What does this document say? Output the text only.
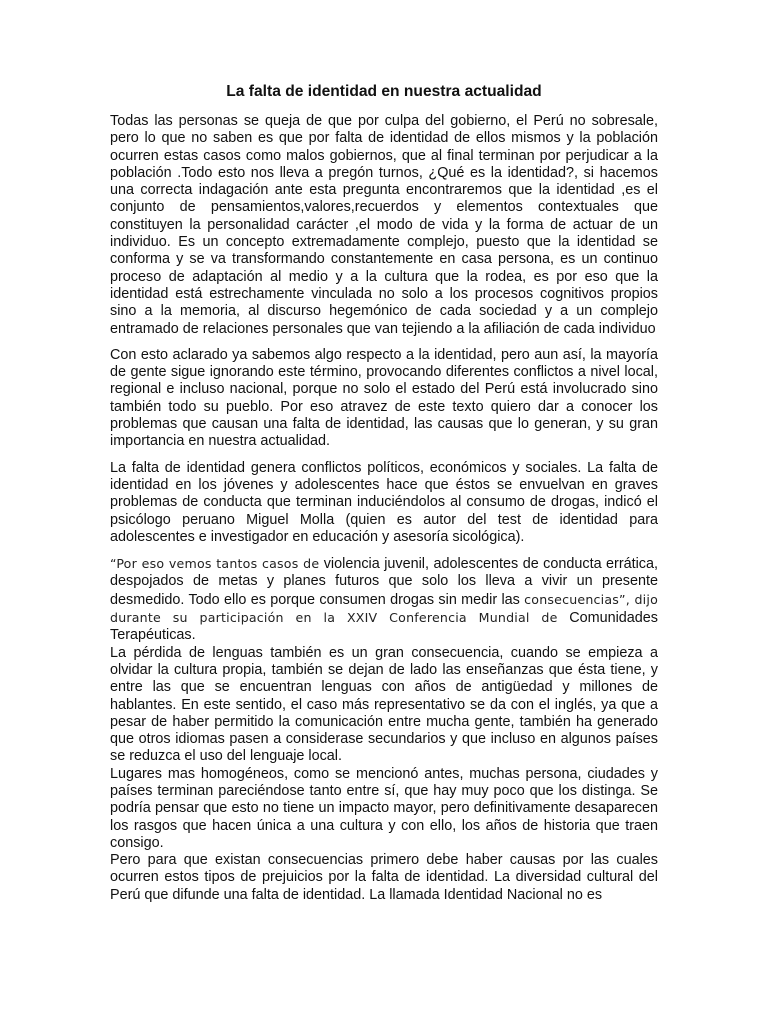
La falta de identidad en nuestra actualidad

Todas las personas se queja de que por culpa del gobierno, el Perú no sobresale, pero lo que no saben es que por falta de identidad de ellos mismos y la población ocurren estas casos como malos gobiernos, que al final terminan por perjudicar a la población .Todo esto nos lleva a pregón turnos, ¿Qué es la identidad?, si hacemos una correcta indagación ante esta pregunta encontraremos que la identidad ,es el conjunto de pensamientos,valores,recuerdos y elementos contextuales que constituyen la personalidad carácter ,el modo de vida y la forma de actuar de un individuo. Es un concepto extremadamente complejo, puesto que la identidad se conforma y se va transformando constantemente en casa persona, es un continuo proceso de adaptación al medio y a la cultura que la rodea, es por eso que la identidad está estrechamente vinculada no solo a los procesos cognitivos propios sino a la memoria, al discurso hegemónico de cada sociedad y a un complejo entramado de relaciones personales que van tejiendo a la afiliación de cada individuo

Con esto aclarado ya sabemos algo respecto a la identidad, pero aun así, la mayoría de gente sigue ignorando este término, provocando diferentes conflictos a nivel local, regional e incluso nacional, porque no solo el estado del Perú está involucrado sino también todo su pueblo. Por eso atravez de este texto quiero dar a conocer los problemas que causan una falta de identidad, las causas que lo generan, y su gran importancia en nuestra actualidad.

La falta de identidad genera conflictos políticos, económicos y sociales. La falta de identidad en los jóvenes y adolescentes hace que éstos se envuelvan en graves problemas de conducta que terminan induciéndolos al consumo de drogas, indicó el psicólogo peruano Miguel Molla (quien es autor del test de identidad para adolescentes e investigador en educación y asesoría sicológica).

“Por eso vemos tantos casos de violencia juvenil, adolescentes de conducta errática, despojados de metas y planes futuros que solo los lleva a vivir un presente desmedido. Todo ello es porque consumen drogas sin medir las consecuencias”, dijo durante su participación en la XXIV Conferencia Mundial de Comunidades Terapéuticas.

La pérdida de lenguas también es un gran consecuencia, cuando se empieza a olvidar la cultura propia, también se dejan de lado las enseñanzas que ésta tiene, y entre las que se encuentran lenguas con años de antigüedad y millones de hablantes. En este sentido, el caso más representativo se da con el inglés, ya que a pesar de haber permitido la comunicación entre mucha gente, también ha generado que otros idiomas pasen a considerase secundarios y que incluso en algunos países se reduzca el uso del lenguaje local.

Lugares mas homogéneos, como se mencionó antes, muchas persona, ciudades y países terminan pareciéndose tanto entre sí, que hay muy poco que los distinga. Se podría pensar que esto no tiene un impacto mayor, pero definitivamente desaparecen los rasgos que hacen única a una cultura y con ello, los años de historia que traen consigo.

Pero para que existan consecuencias primero debe haber causas por las cuales ocurren estos tipos de prejuicios por la falta de identidad. La diversidad cultural del Perú que difunde una falta de identidad. La llamada Identidad Nacional no es
